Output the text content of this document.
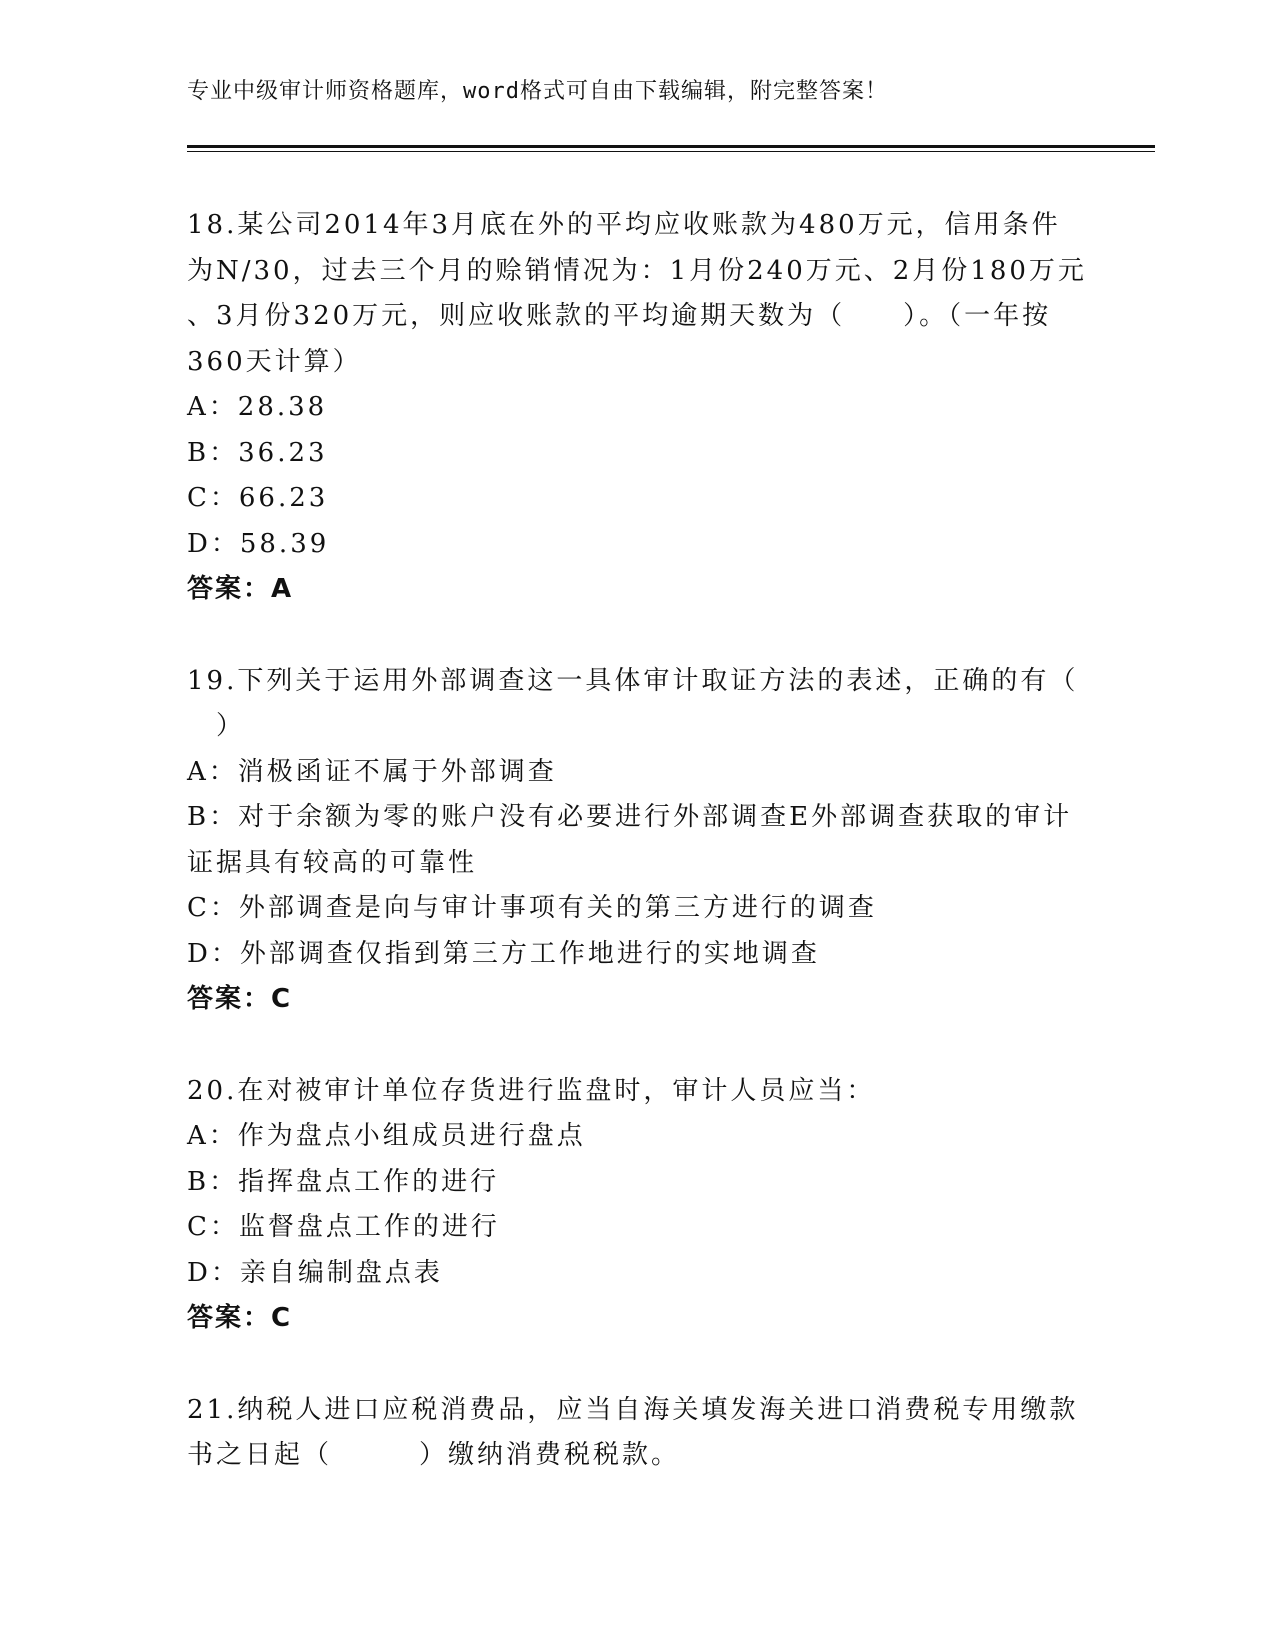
专业中级审计师资格题库，word格式可自由下载编辑，附完整答案！
18.某公司2014年3月底在外的平均应收账款为480万元，信用条件
为N/30，过去三个月的赊销情况为：1月份240万元、2月份180万元
、3月份320万元，则应收账款的平均逾期天数为（　　）。（一年按
360天计算）
A：28.38
B：36.23
C：66.23
D：58.39
答案：A
19.下列关于运用外部调查这一具体审计取证方法的表述，正确的有（
　）
A：消极函证不属于外部调查
B：对于余额为零的账户没有必要进行外部调查E外部调查获取的审计
证据具有较高的可靠性
C：外部调查是向与审计事项有关的第三方进行的调查
D：外部调查仅指到第三方工作地进行的实地调查
答案：C
20.在对被审计单位存货进行监盘时，审计人员应当：
A：作为盘点小组成员进行盘点
B：指挥盘点工作的进行
C：监督盘点工作的进行
D：亲自编制盘点表
答案：C
21.纳税人进口应税消费品，应当自海关填发海关进口消费税专用缴款
书之日起（　　　）缴纳消费税税款。
